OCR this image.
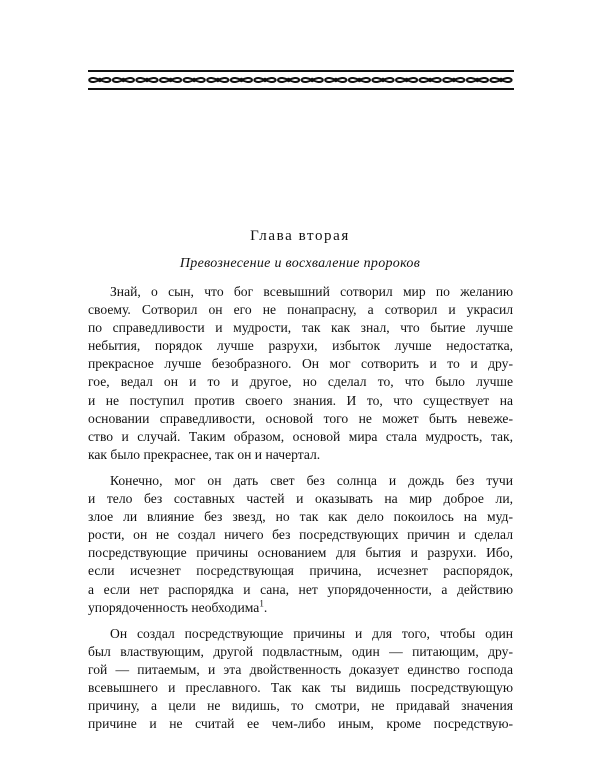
Глава вторая
Превознесение и восхваление пророков
Знай, о сын, что бог всевышний сотворил мир по желанию
своему. Сотворил он его не понапрасну, а сотворил и украсил
по справедливости и мудрости, так как знал, что бытие лучше
небытия, порядок лучше разрухи, избыток лучше недостатка,
прекрасное лучше безобразного. Он мог сотворить и то и дру-
гое, ведал он и то и другое, но сделал то, что было лучше
и не поступил против своего знания. И то, что существует на
основании справедливости, основой того не может быть невеже-
ство и случай. Таким образом, основой мира стала мудрость, так,
как было прекраснее, так он и начертал.
Конечно, мог он дать свет без солнца и дождь без тучи
и тело без составных частей и оказывать на мир доброе ли,
злое ли влияние без звезд, но так как дело покоилось на муд-
рости, он не создал ничего без посредствующих причин и сделал
посредствующие причины основанием для бытия и разрухи. Ибо,
если исчезнет посредствующая причина, исчезнет распорядок,
а если нет распорядка и сана, нет упорядоченности, а действию
упорядоченность необходима$^1$.
Он создал посредствующие причины и для того, чтобы один
был властвующим, другой подвластным, один — питающим, дру-
гой — питаемым, и эта двойственность доказует единство господа
всевышнего и преславного. Так как ты видишь посредствующую
причину, а цели не видишь, то смотри, не придавай значения
причине и не считай ее чем-либо иным, кроме посредствую-
